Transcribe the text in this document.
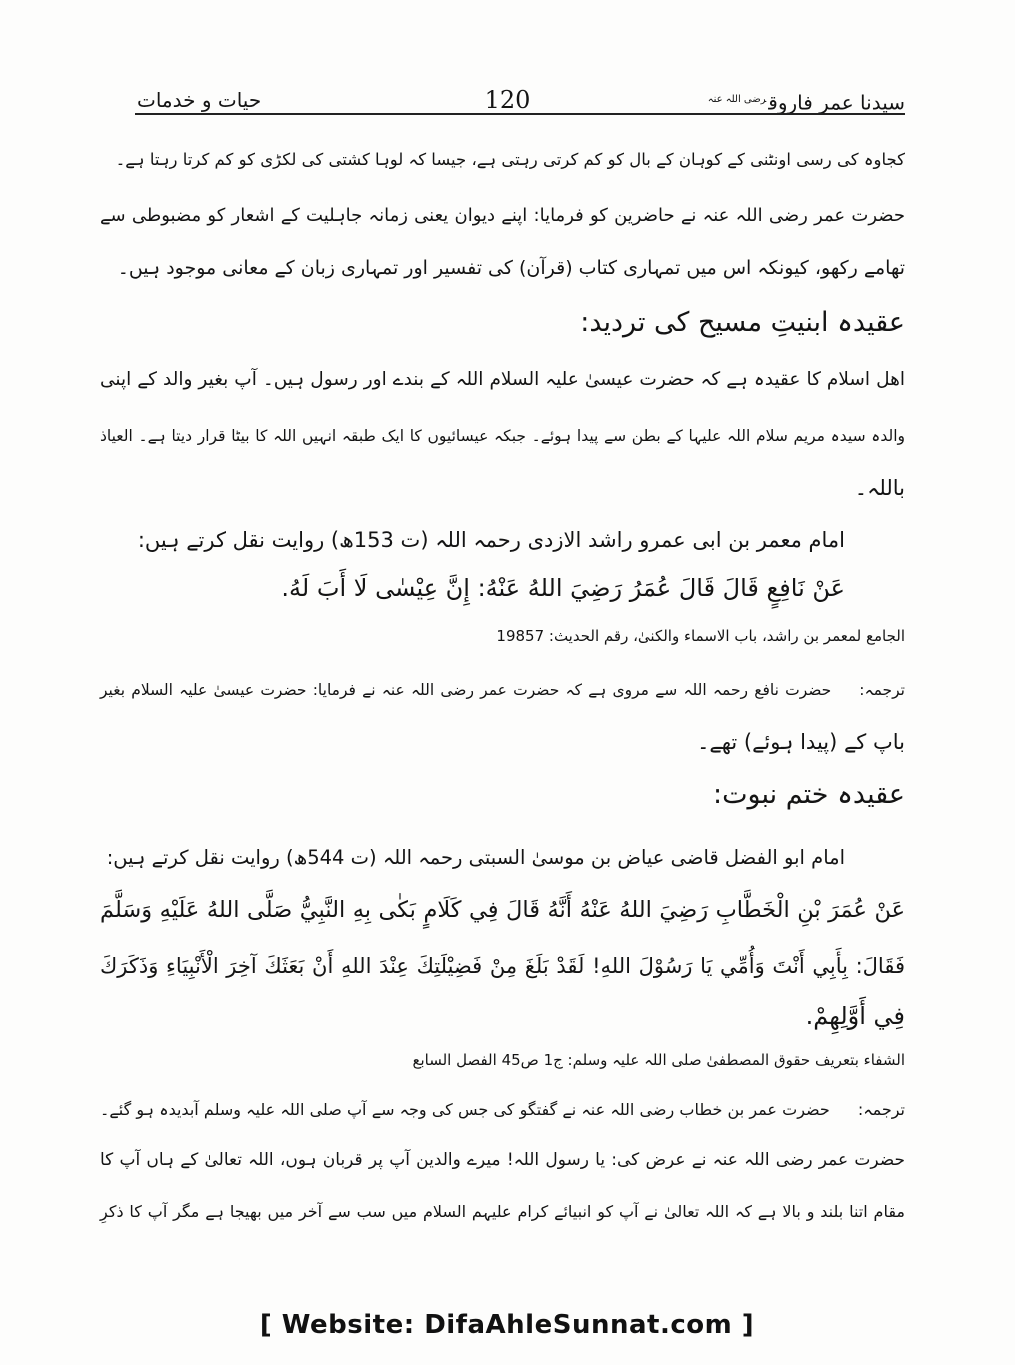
سیدنا عمر فاروق$^{رضی اللہ عنہ}$
120
حیات و خدمات
کجاوہ کی رسی اونٹنی کے کوہان کے بال کو کم کرتی رہتی ہے، جیسا کہ لوہا کشتی کی لکڑی کو کم کرتا رہتا ہے۔
حضرت عمر رضی اللہ عنہ نے حاضرین کو فرمایا: اپنے دیوان یعنی زمانہ جاہلیت کے اشعار کو مضبوطی سے
تھامے رکھو، کیونکہ اس میں تمہاری کتاب (قرآن) کی تفسیر اور تمہاری زبان کے معانی موجود ہیں۔
عقیدہ ابنیتِ مسیح کی تردید:
اھل اسلام کا عقیدہ ہے کہ حضرت عیسیٰ علیہ السلام اللہ کے بندے اور رسول ہیں۔ آپ بغیر والد کے اپنی
والدہ سیدہ مریم سلام اللہ علیہا کے بطن سے پیدا ہوئے۔ جبکہ عیسائیوں کا ایک طبقہ انہیں اللہ کا بیٹا قرار دیتا ہے۔ العیاذ
باللہ۔
امام معمر بن ابی عمرو راشد الازدی رحمہ اللہ (ت 153ھ) روایت نقل کرتے ہیں:
عَنْ نَافِعٍ قَالَ قَالَ عُمَرُ رَضِيَ اللهُ عَنْهُ: إِنَّ عِيْسٰى لَا أَبَ لَهُ.
الجامع لمعمر بن راشد، باب الاسماء والکنیٰ، رقم الحدیث: 19857
ترجمہ:حضرت نافع رحمہ اللہ سے مروی ہے کہ حضرت عمر رضی اللہ عنہ نے فرمایا: حضرت عیسیٰ علیہ السلام بغیر
باپ کے (پیدا ہوئے) تھے۔
عقیدہ ختم نبوت:
امام ابو الفضل قاضی عیاض بن موسیٰ السبتی رحمہ اللہ (ت 544ھ) روایت نقل کرتے ہیں:
عَنْ عُمَرَ بْنِ الْخَطَّابِ رَضِيَ اللهُ عَنْهُ أَنَّهُ قَالَ فِي كَلَامٍ بَكٰى بِهِ النَّبِيُّ صَلَّى اللهُ عَلَيْهِ وَسَلَّمَ
فَقَالَ: بِأَبِي أَنْتَ وَأُمِّي يَا رَسُوْلَ اللهِ! لَقَدْ بَلَغَ مِنْ فَضِيْلَتِكَ عِنْدَ اللهِ أَنْ بَعَثَكَ آخِرَ الْأَنْبِيَاءِ وَذَكَرَكَ
فِي أَوَّلِهِمْ.
الشفاء بتعریف حقوق المصطفیٰ صلی اللہ علیہ وسلم: ج1 ص45 الفصل السابع
ترجمہ:حضرت عمر بن خطاب رضی اللہ عنہ نے گفتگو کی جس کی وجہ سے آپ صلی اللہ علیہ وسلم آبدیدہ ہو گئے۔
حضرت عمر رضی اللہ عنہ نے عرض کی: یا رسول اللہ! میرے والدین آپ پر قربان ہوں، اللہ تعالیٰ کے ہاں آپ کا
مقام اتنا بلند و بالا ہے کہ اللہ تعالیٰ نے آپ کو انبیائے کرام علیہم السلام میں سب سے آخر میں بھیجا ہے مگر آپ کا ذکرِ
[ Website: DifaAhleSunnat.com ]
